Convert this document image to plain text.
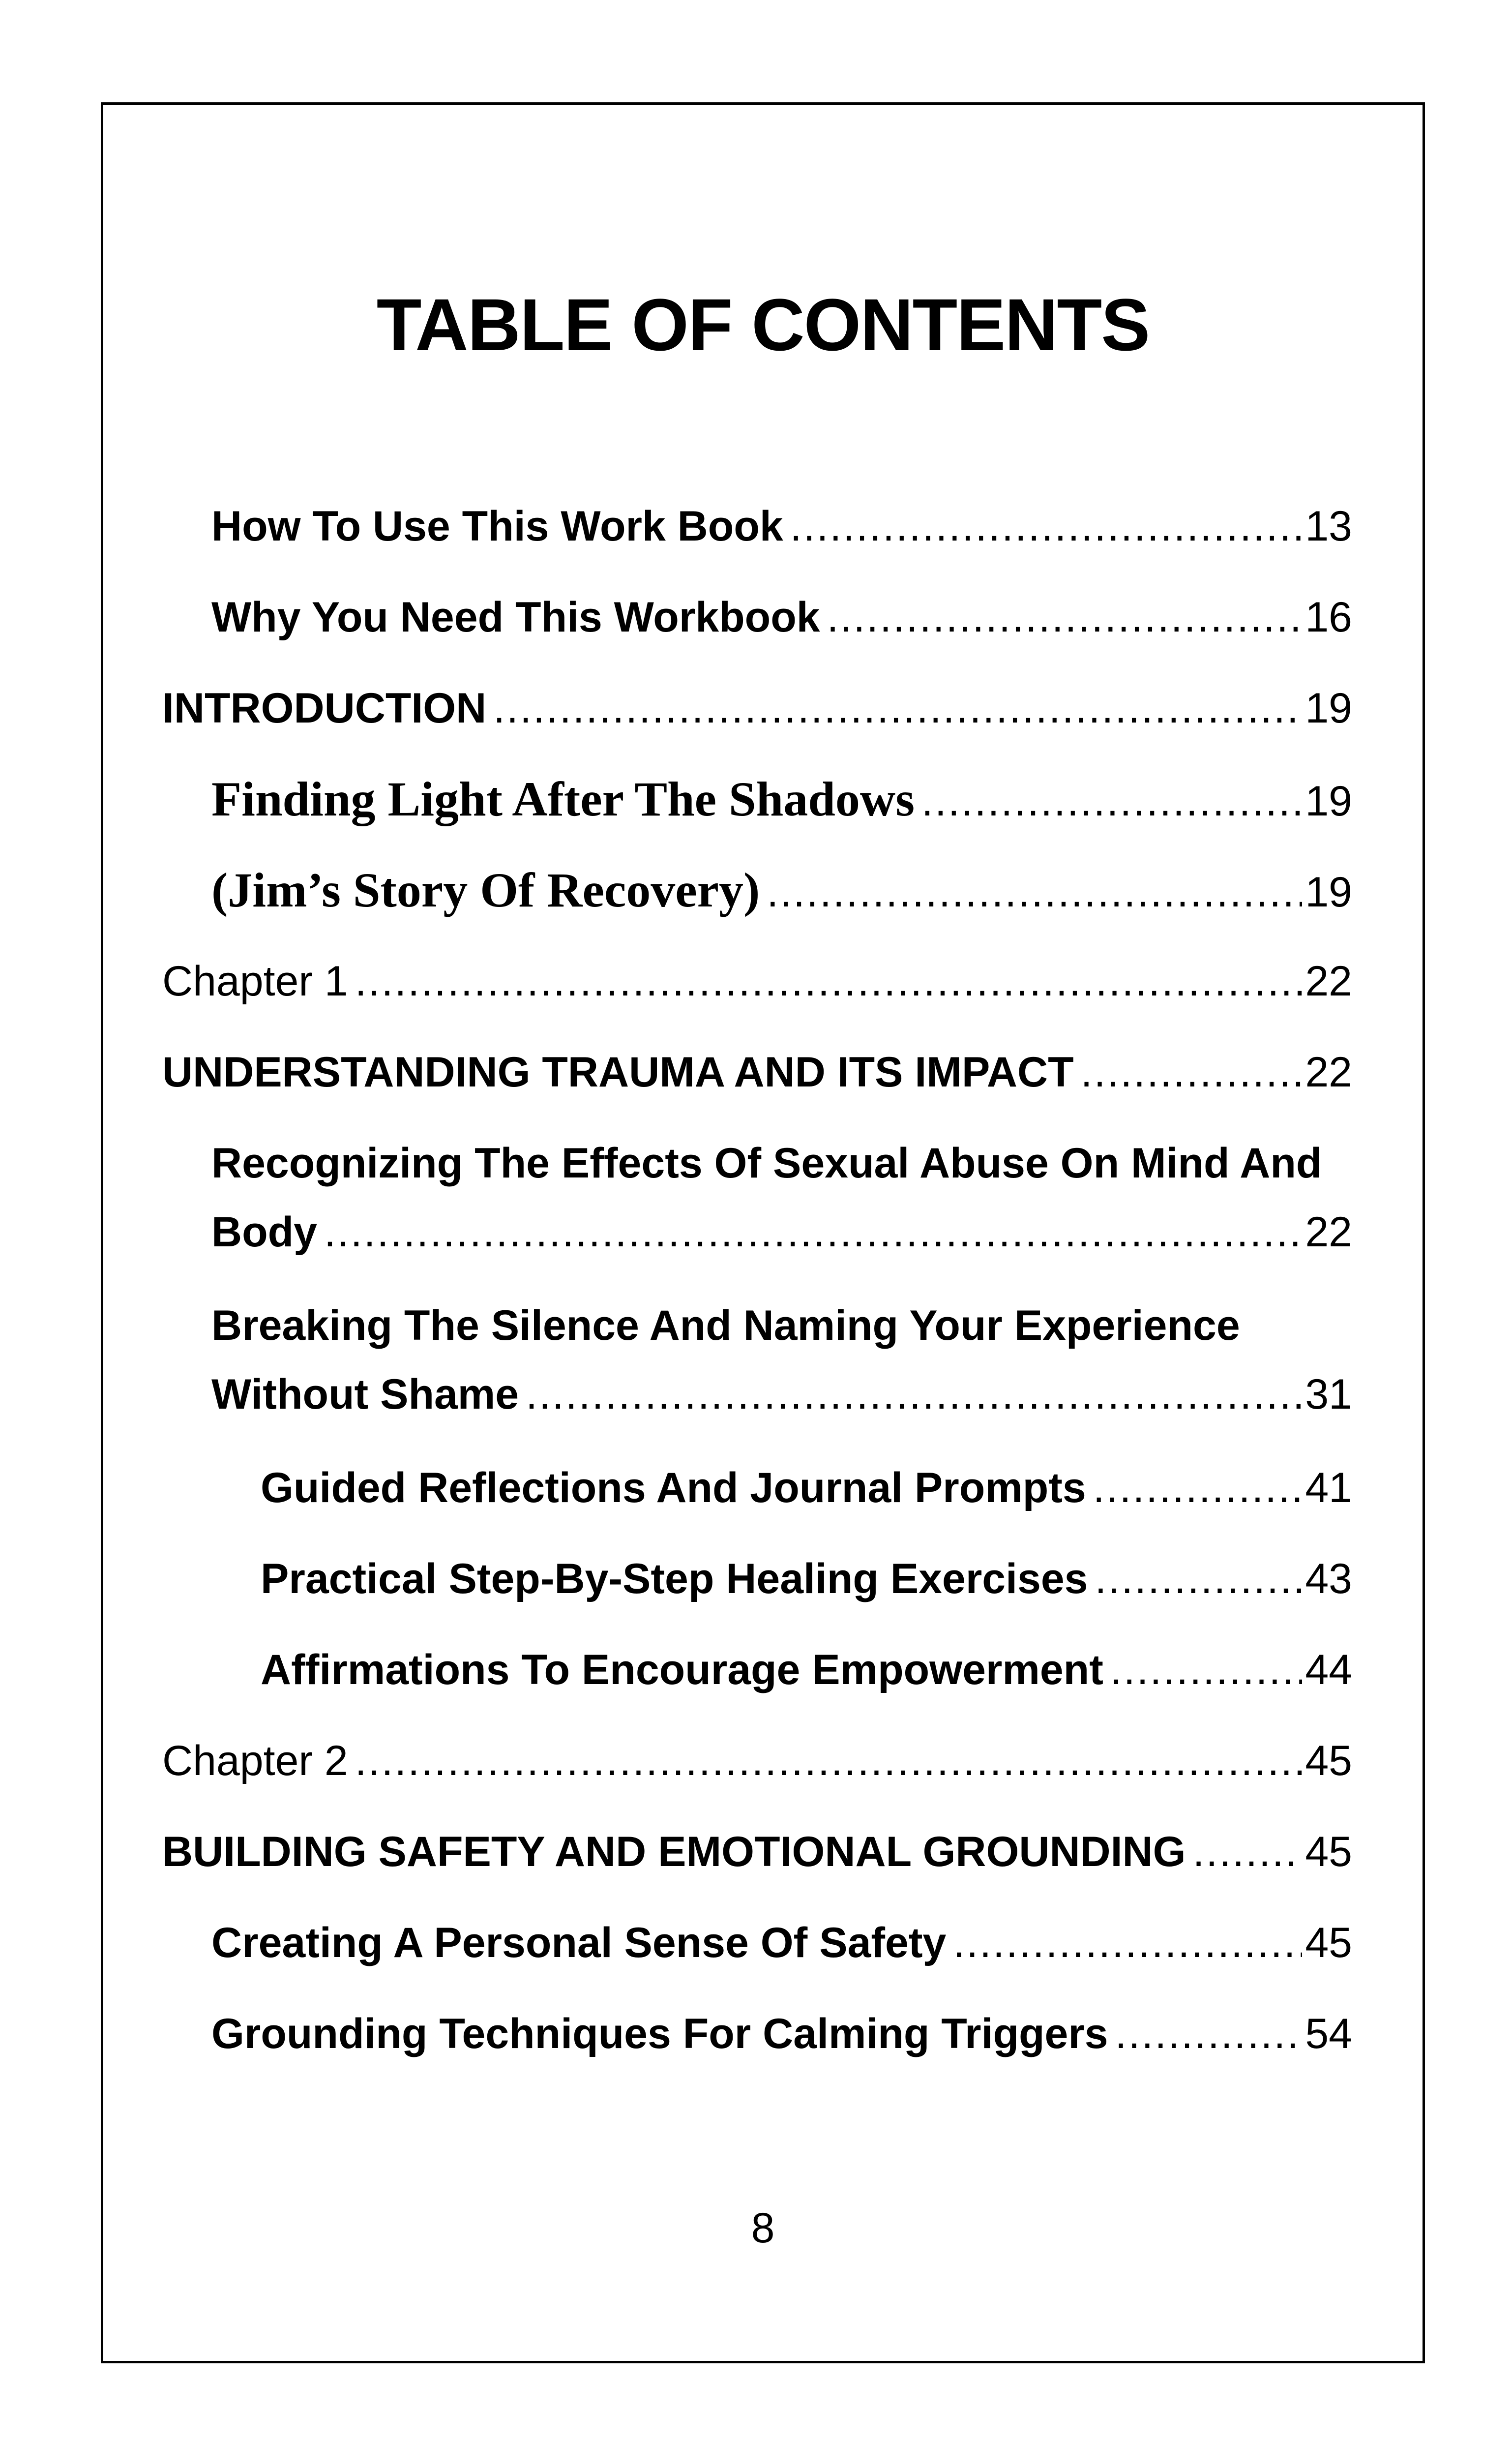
TABLE OF CONTENTS
How To Use This Work Book .....	13
Why You Need This Workbook .....	16
INTRODUCTION .....	19
Finding Light After The Shadows .....	19
(Jim’s Story Of Recovery) .....	19
Chapter 1 .....	22
UNDERSTANDING TRAUMA AND ITS IMPACT .....	22
Recognizing The Effects Of Sexual Abuse On Mind And
Body .....	22
Breaking The Silence And Naming Your Experience
Without Shame .....	31
Guided Reflections And Journal Prompts .....	41
Practical Step-By-Step Healing Exercises .....	43
Affirmations To Encourage Empowerment .....	44
Chapter 2 .....	45
BUILDING SAFETY AND EMOTIONAL GROUNDING .....	45
Creating A Personal Sense Of Safety .....	45
Grounding Techniques For Calming Triggers .....	54
8
